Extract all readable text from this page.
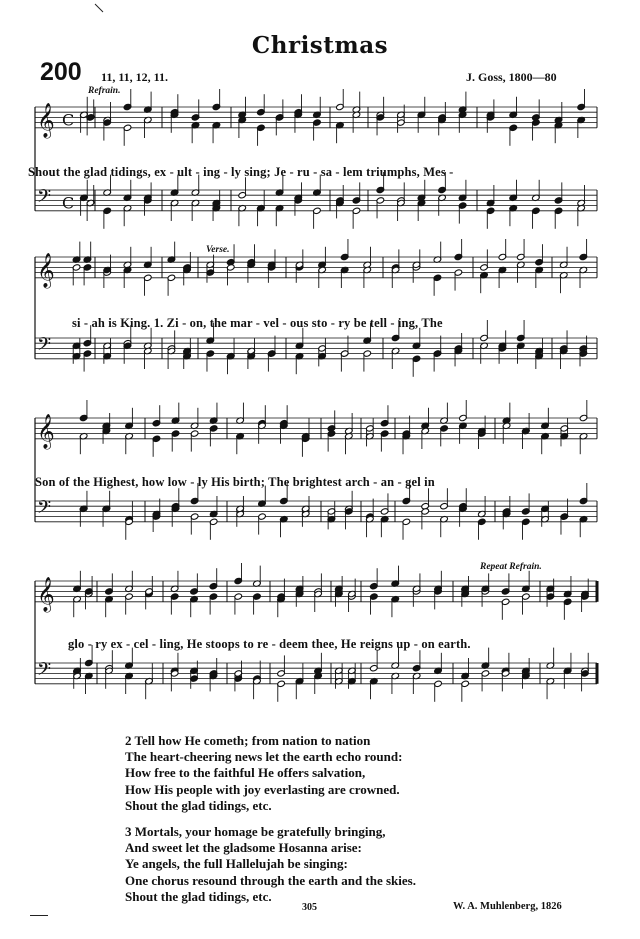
𝄞
𝄢
𝄞
𝄢
𝄞
𝄢
𝄞
𝄢
C
C
Christmas
200 11, 11, 12, 11.	J. Goss, 1800—80
Refrain.
Verse.
Repeat Refrain.
Shout the glad tidings, ex - ult - ing - ly sing; Je - ru - sa - lem triumphs, Mes -
si - ah is King. 1. Zi - on, the mar - vel - ous sto - ry be tell - ing, The
Son of the Highest, how low - ly His birth; The brightest arch - an - gel in
glo - ry ex - cel - ling, He stoops to re - deem thee, He reigns up - on earth.
2 Tell how He cometh; from nation to nation
The heart-cheering news let the earth echo round:
How free to the faithful He offers salvation,
How His people with joy everlasting are crowned.
Shout the glad tidings, etc.
3 Mortals, your homage be gratefully bringing,
And sweet let the gladsome Hosanna arise:
Ye angels, the full Hallelujah be singing:
One chorus resound through the earth and the skies.
Shout the glad tidings, etc.
305	W. A. Muhlenberg, 1826
